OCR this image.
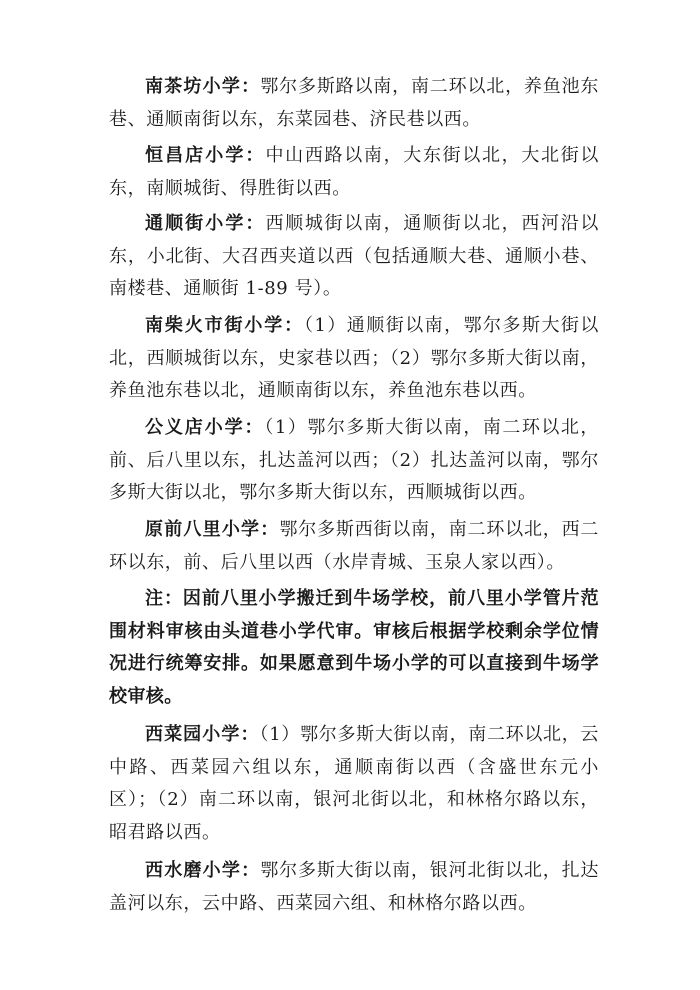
南茶坊小学：鄂尔多斯路以南，南二环以北，养鱼池东巷、通顺南街以东，东菜园巷、济民巷以西。

恒昌店小学：中山西路以南，大东街以北，大北街以东，南顺城街、得胜街以西。

通顺街小学：西顺城街以南，通顺街以北，西河沿以东，小北街、大召西夹道以西（包括通顺大巷、通顺小巷、南楼巷、通顺街 1-89 号）。

南柴火市街小学：（1）通顺街以南，鄂尔多斯大街以北，西顺城街以东，史家巷以西；（2）鄂尔多斯大街以南，养鱼池东巷以北，通顺南街以东，养鱼池东巷以西。

公义店小学：（1）鄂尔多斯大街以南，南二环以北，前、后八里以东，扎达盖河以西；（2）扎达盖河以南，鄂尔多斯大街以北，鄂尔多斯大街以东，西顺城街以西。

原前八里小学：鄂尔多斯西街以南，南二环以北，西二环以东，前、后八里以西（水岸青城、玉泉人家以西）。

注：因前八里小学搬迁到牛场学校，前八里小学管片范围材料审核由头道巷小学代审。审核后根据学校剩余学位情况进行统筹安排。如果愿意到牛场小学的可以直接到牛场学校审核。

西菜园小学：（1）鄂尔多斯大街以南，南二环以北，云中路、西菜园六组以东，通顺南街以西（含盛世东元小区）；（2）南二环以南，银河北街以北，和林格尔路以东，昭君路以西。

西水磨小学：鄂尔多斯大街以南，银河北街以北，扎达盖河以东，云中路、西菜园六组、和林格尔路以西。
